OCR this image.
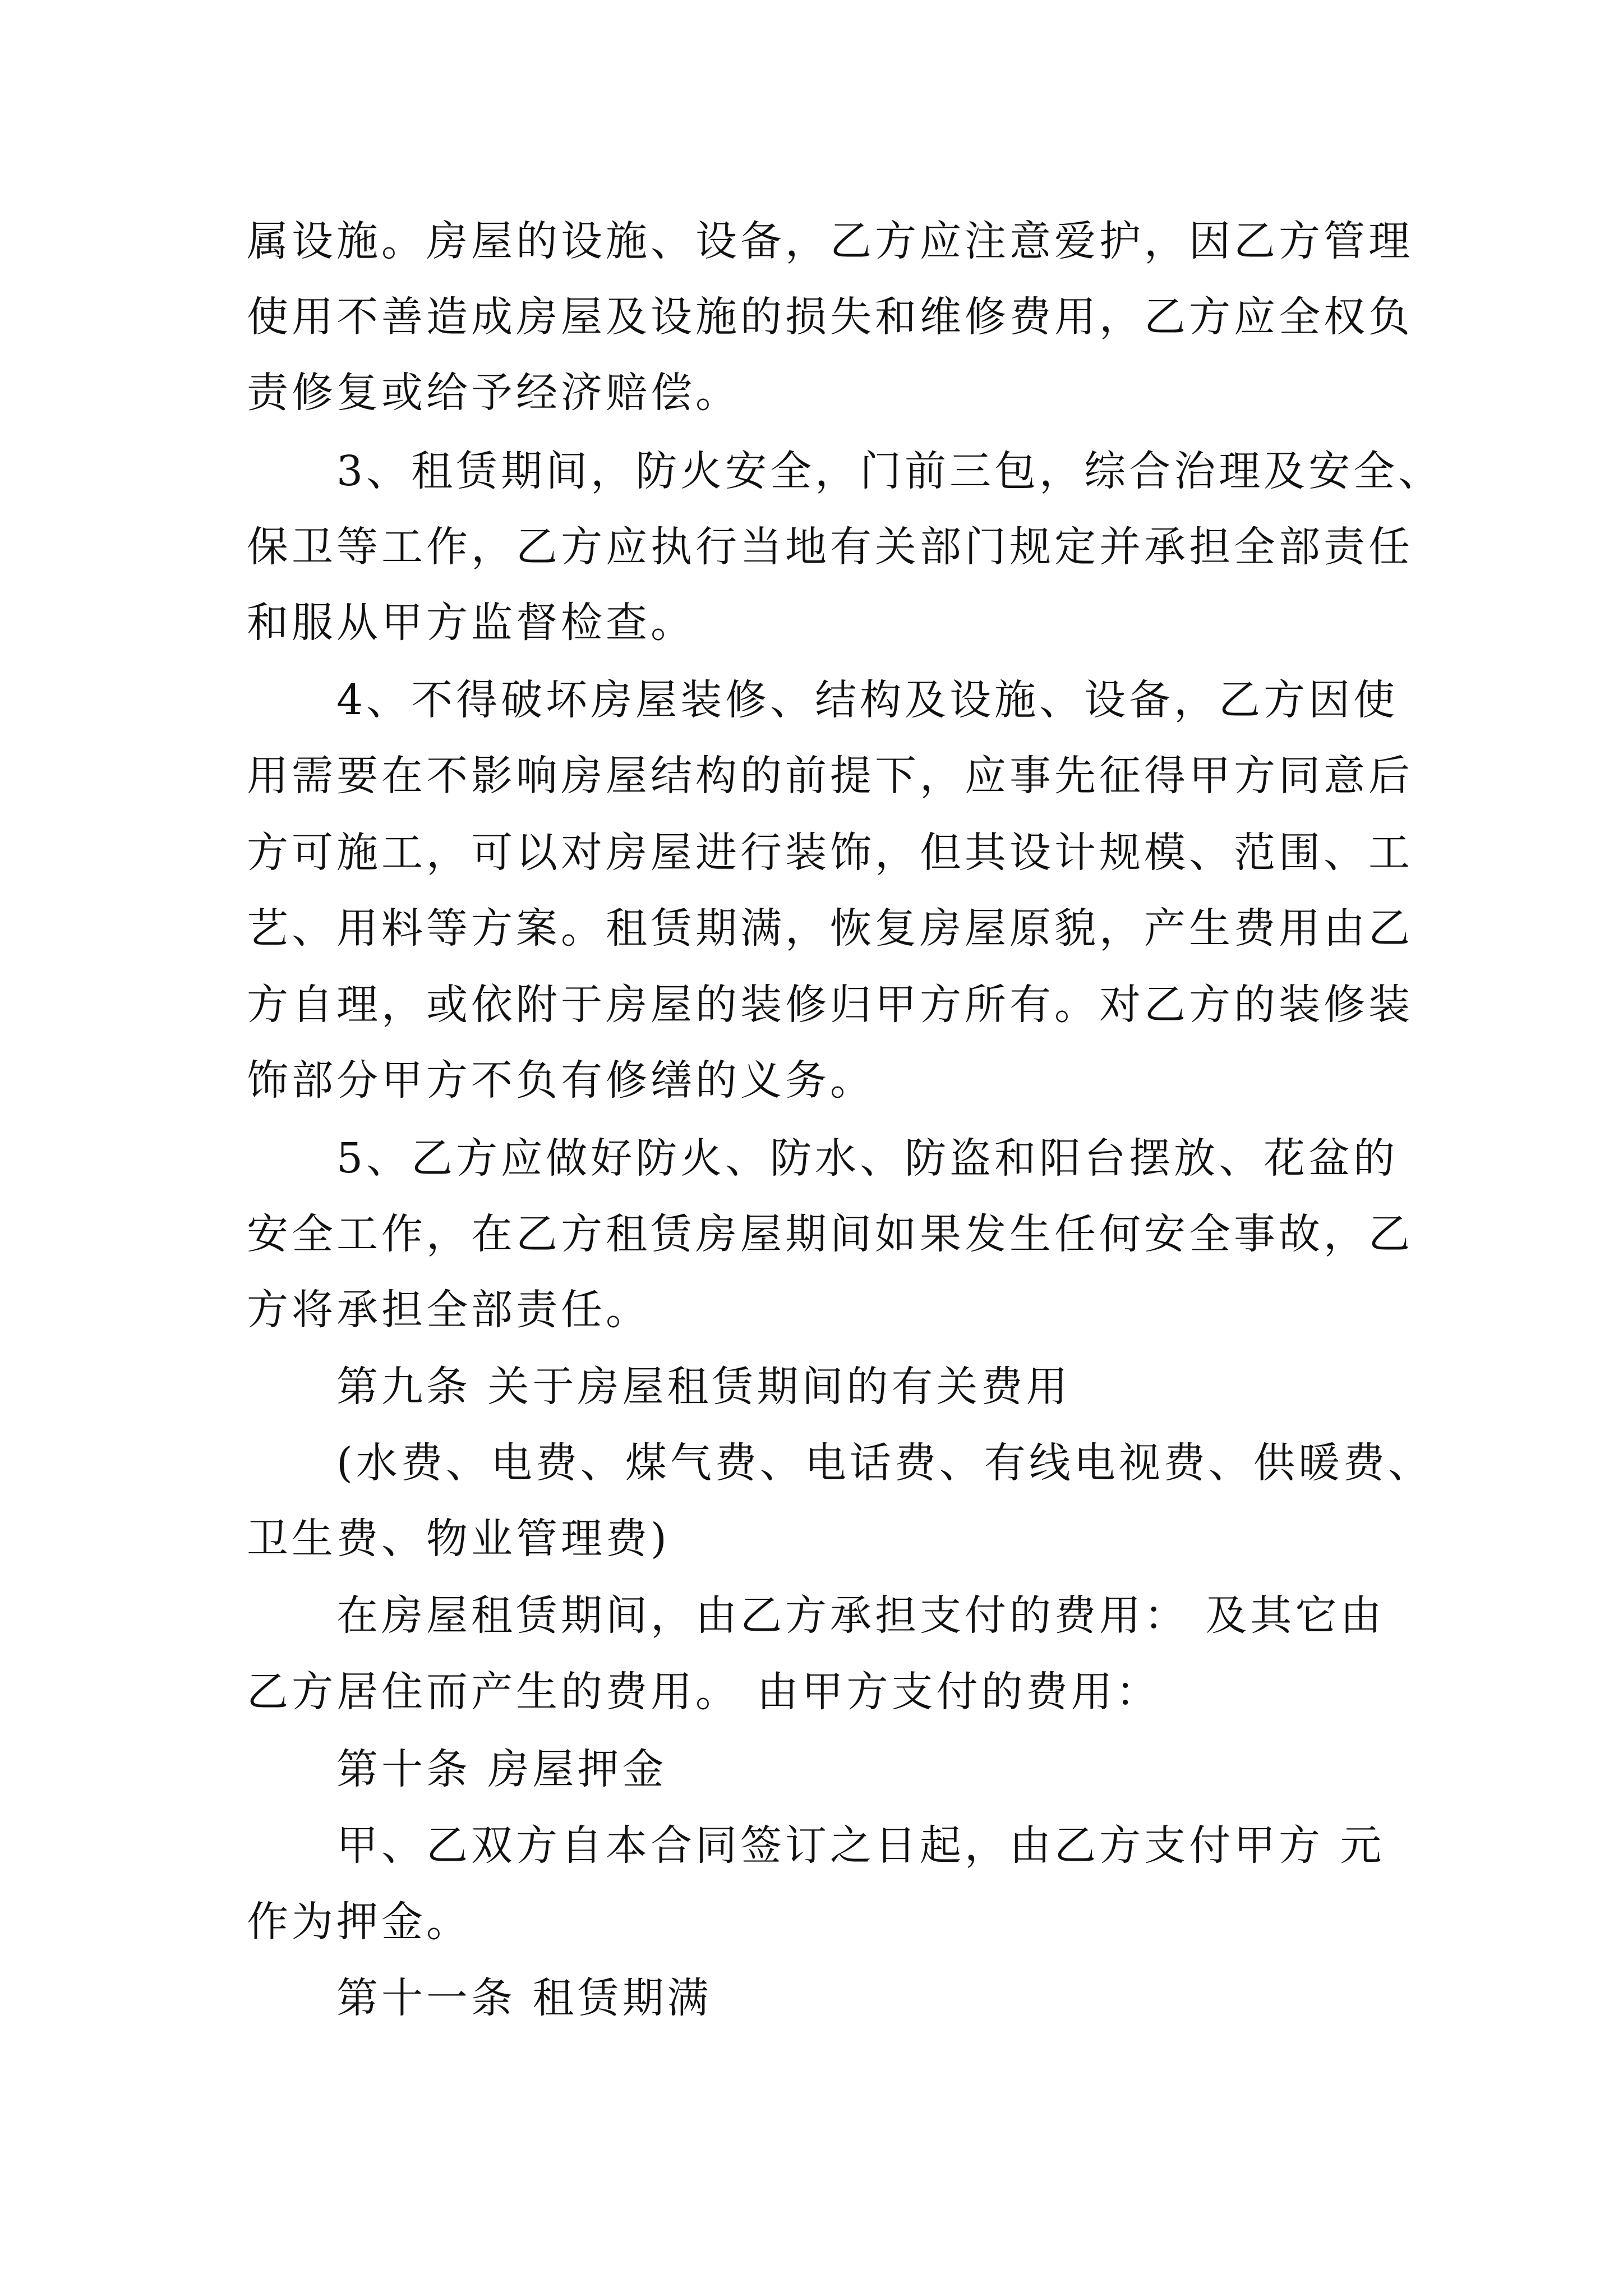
属设施。房屋的设施、设备，乙方应注意爱护，因乙方管理
使用不善造成房屋及设施的损失和维修费用，乙方应全权负
责修复或给予经济赔偿。
3、租赁期间，防火安全，门前三包，综合治理及安全、
保卫等工作，乙方应执行当地有关部门规定并承担全部责任
和服从甲方监督检查。
4、不得破坏房屋装修、结构及设施、设备，乙方因使
用需要在不影响房屋结构的前提下，应事先征得甲方同意后
方可施工，可以对房屋进行装饰，但其设计规模、范围、工
艺、用料等方案。租赁期满，恢复房屋原貌，产生费用由乙
方自理，或依附于房屋的装修归甲方所有。对乙方的装修装
饰部分甲方不负有修缮的义务。
5、乙方应做好防火、防水、防盗和阳台摆放、花盆的
安全工作，在乙方租赁房屋期间如果发生任何安全事故，乙
方将承担全部责任。
第九条 关于房屋租赁期间的有关费用
(水费、电费、煤气费、电话费、有线电视费、供暖费、
卫生费、物业管理费)
在房屋租赁期间，由乙方承担支付的费用： 及其它由
乙方居住而产生的费用。 由甲方支付的费用：
第十条 房屋押金
甲、乙双方自本合同签订之日起，由乙方支付甲方 元
作为押金。
第十一条 租赁期满
